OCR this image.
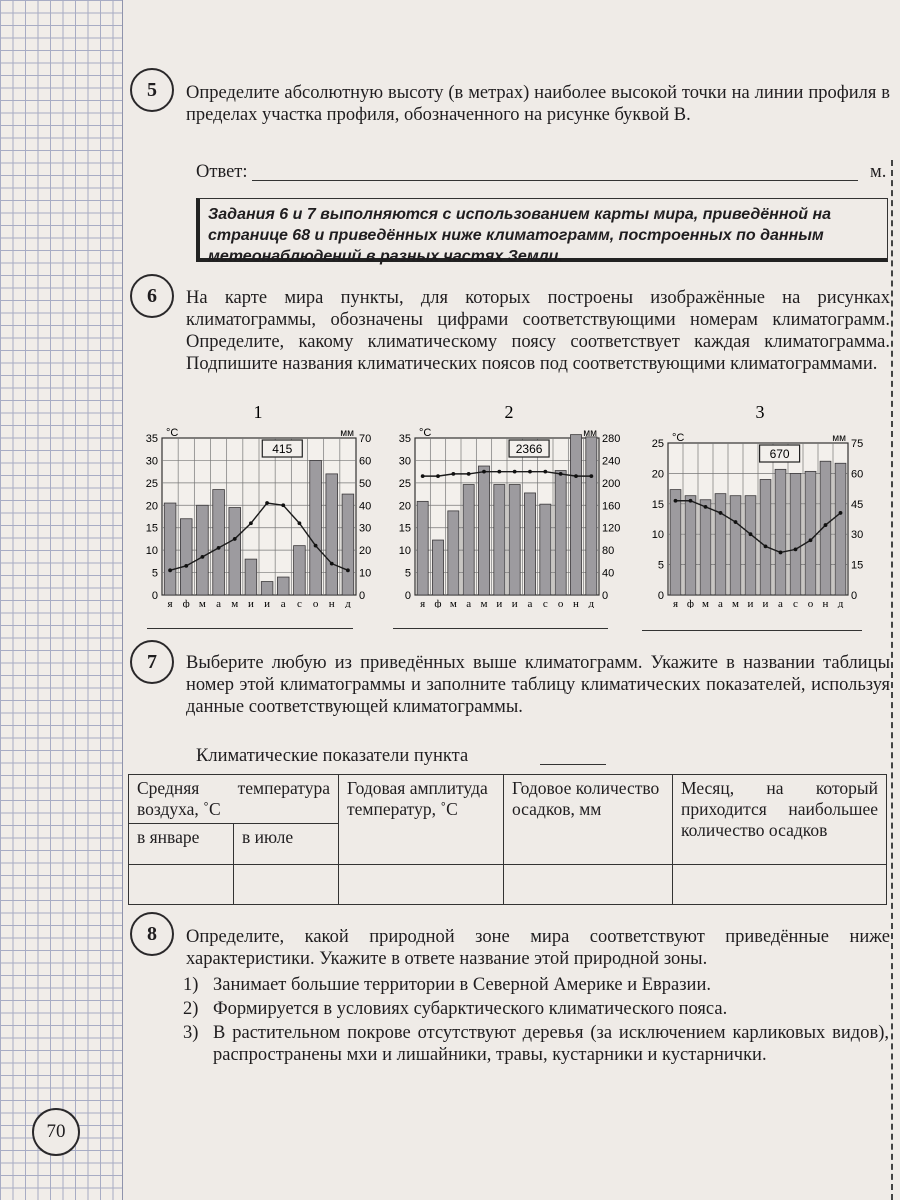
5	Определите абсолютную высоту (в метрах) наиболее высокой точки на линии профиля в пределах участка профиля, обозначенного на рисунке буквой В.

Ответ:	м.
Задания 6 и 7 выполняются с использованием карты мира, приведённой на странице 68 и приведённых ниже климатограмм, построенных по данным метеонаблюдений в разных частях Земли.
6	На карте мира пункты, для которых построены изображённые на рисунках климатограммы, обозначены цифрами соответствующими номерам климатограмм. Определите, какому климатическому поясу соответствует каждая климатограмма. Подпишите названия климатических поясов под соответствующими климатограммами.

1
415
35
30
25
20
15
10
5
0
70
60
50
40
30
20
10
0
°С	мм
я ф м а м и и а с о н д
2
2366
35
30
25
20
15
10
5
0
280
240
200
160
120
80
40
0
°С	мм
я ф м а м и и а с о н д
3
670
25
20
15
10
5
0
75
60
45
30
15
0
°С	мм
я ф м а м и и а с о н д
7	Выберите любую из приведённых выше климатограмм. Укажите в названии таблицы номер этой климатограммы и заполните таблицу климатических показателей, используя данные соответствующей климатограммы.

Климатические показатели пункта
Средняя температура воздуха, ˚С		Годовая амплитуда температур, ˚С	Годовое количество осадков, мм	Месяц, на который приходится наибольшее количество осадков
в январе	в июле			

8	Определите, какой природной зоне мира соответствуют приведённые ниже характеристики. Укажите в ответе название этой природной зоны.

1) Занимает большие территории в Северной Америке и Евразии.
2) Формируется в условиях субарктического климатического пояса.
3) В растительном покрове отсутствуют деревья (за исключением карликовых видов), распространены мхи и лишайники, травы, кустарники и кустарнички.
70
